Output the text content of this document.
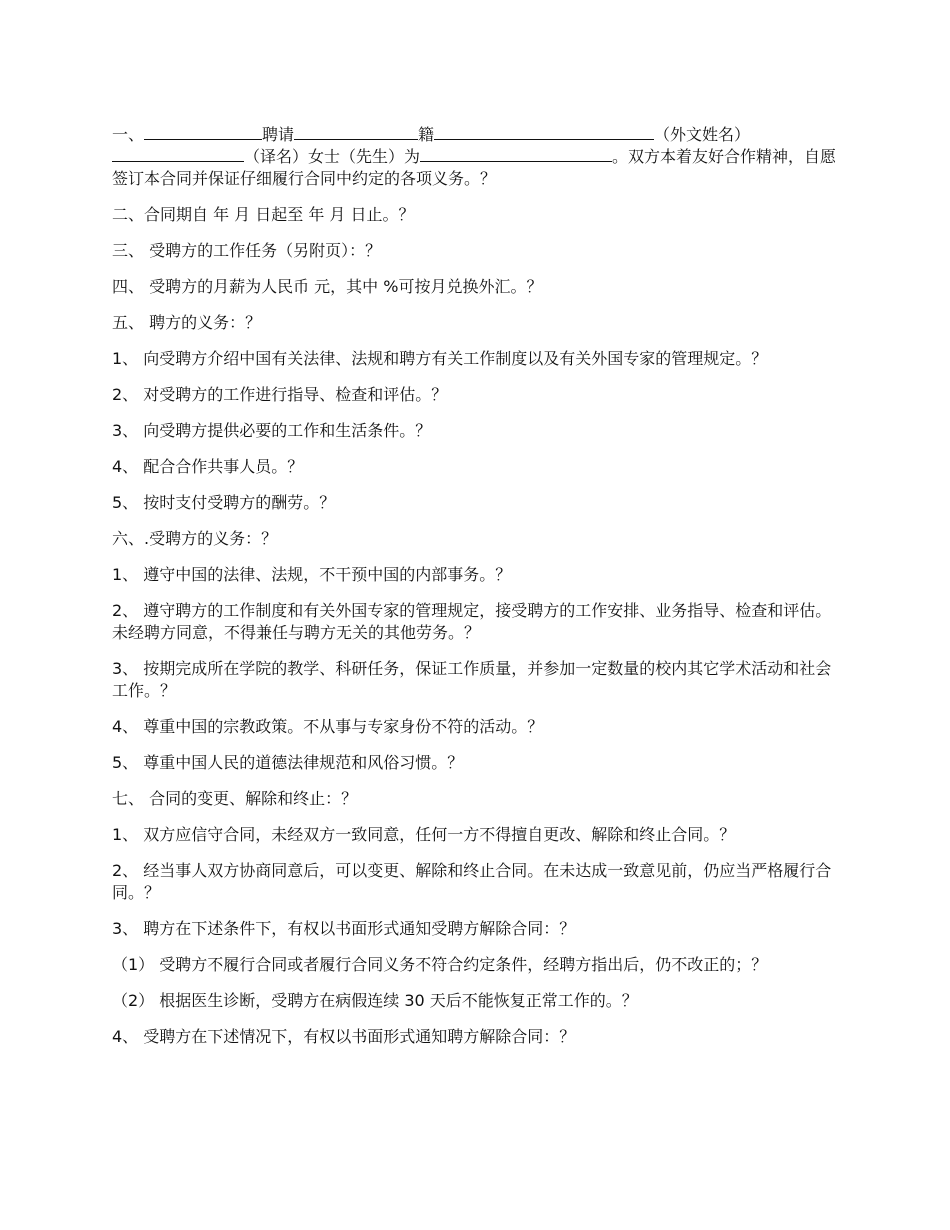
一、	聘请	籍	（外文姓名）（译名）女士（先生）为	。双方本着友好合作精神，自愿签订本合同并保证仔细履行合同中约定的各项义务。？

二、合同期自 年 月 日起至 年 月 日止。？

三、 受聘方的工作任务（另附页）：？

四、 受聘方的月薪为人民币 元，其中 %可按月兑换外汇。？

五、 聘方的义务：？

1、 向受聘方介绍中国有关法律、法规和聘方有关工作制度以及有关外国专家的管理规定。？

2、 对受聘方的工作进行指导、检查和评估。？

3、 向受聘方提供必要的工作和生活条件。？

4、 配合合作共事人员。？

5、 按时支付受聘方的酬劳。？

六、.受聘方的义务：？

1、 遵守中国的法律、法规，不干预中国的内部事务。？

2、 遵守聘方的工作制度和有关外国专家的管理规定，接受聘方的工作安排、业务指导、检查和评估。未经聘方同意，不得兼任与聘方无关的其他劳务。？

3、 按期完成所在学院的教学、科研任务，保证工作质量，并参加一定数量的校内其它学术活动和社会工作。？

4、 尊重中国的宗教政策。不从事与专家身份不符的活动。？

5、 尊重中国人民的道德法律规范和风俗习惯。？

七、 合同的变更、解除和终止：？

1、 双方应信守合同，未经双方一致同意，任何一方不得擅自更改、解除和终止合同。？

2、 经当事人双方协商同意后，可以变更、解除和终止合同。在未达成一致意见前，仍应当严格履行合同。？

3、 聘方在下述条件下，有权以书面形式通知受聘方解除合同：？

（1） 受聘方不履行合同或者履行合同义务不符合约定条件，经聘方指出后，仍不改正的；？

（2） 根据医生诊断，受聘方在病假连续 30 天后不能恢复正常工作的。？

4、 受聘方在下述情况下，有权以书面形式通知聘方解除合同：？
